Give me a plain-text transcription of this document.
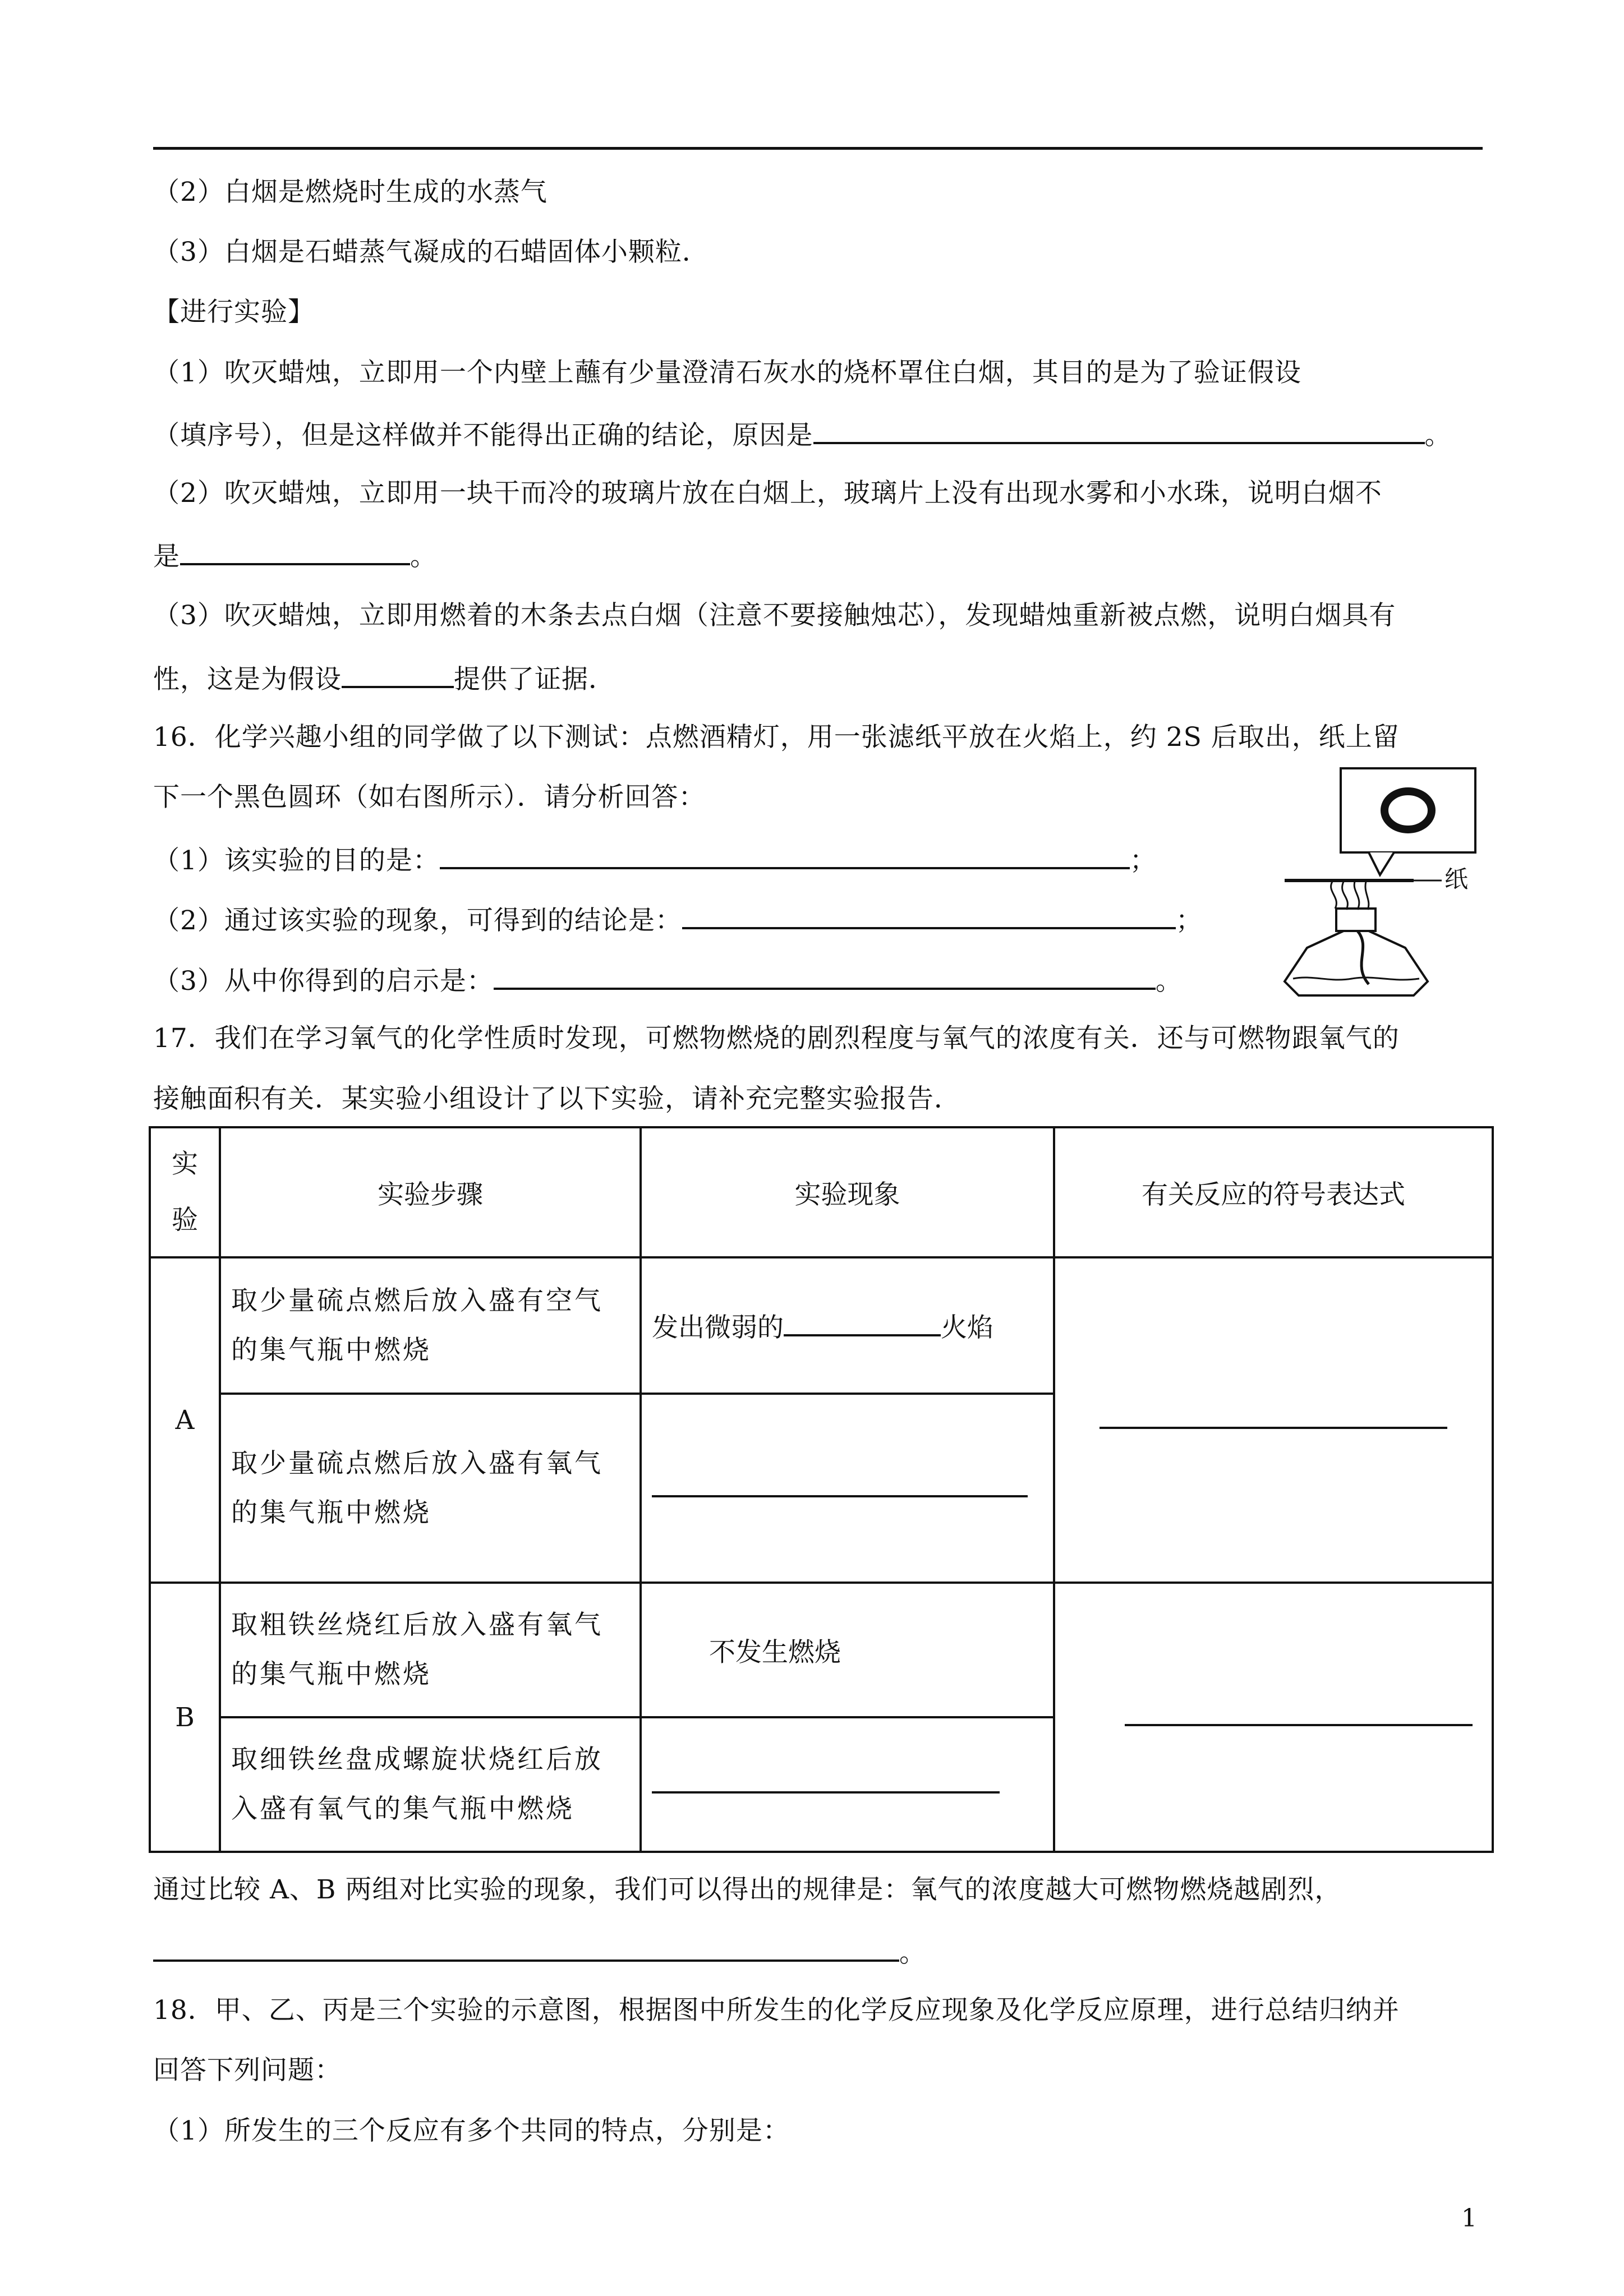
（2）白烟是燃烧时生成的水蒸气
（3）白烟是石蜡蒸气凝成的石蜡固体小颗粒．
【进行实验】
（1）吹灭蜡烛，立即用一个内壁上蘸有少量澄清石灰水的烧杯罩住白烟，其目的是为了验证假设
（填序号），但是这样做并不能得出正确的结论，原因是	。
（2）吹灭蜡烛，立即用一块干而冷的玻璃片放在白烟上，玻璃片上没有出现水雾和小水珠，说明白烟不
是	。
（3）吹灭蜡烛，立即用燃着的木条去点白烟（注意不要接触烛芯），发现蜡烛重新被点燃，说明白烟具有
性，这是为假设	提供了证据．
16．化学兴趣小组的同学做了以下测试：点燃酒精灯，用一张滤纸平放在火焰上，约 2S 后取出，纸上留
下一个黑色圆环（如右图所示）．请分析回答：
（1）该实验的目的是：	；
（2）通过该实验的现象，可得到的结论是：	；
（3）从中你得到的启示是：	。
17．我们在学习氧气的化学性质时发现，可燃物燃烧的剧烈程度与氧气的浓度有关．还与可燃物跟氧气的
接触面积有关．某实验小组设计了以下实验，请补充完整实验报告．
纸
实
验	实验步骤	实验现象	有关反应的符号表达式
A	取少量硫点燃后放入盛有空气
的集气瓶中燃烧	发出微弱的 火焰	
	取少量硫点燃后放入盛有氧气
的集气瓶中燃烧		
B	取粗铁丝烧红后放入盛有氧气
的集气瓶中燃烧	不发生燃烧	
	取细铁丝盘成螺旋状烧红后放
入盛有氧气的集气瓶中燃烧		
通过比较 A、B 两组对比实验的现象，我们可以得出的规律是：氧气的浓度越大可燃物燃烧越剧烈，
。
18．甲、乙、丙是三个实验的示意图，根据图中所发生的化学反应现象及化学反应原理，进行总结归纳并
回答下列问题：
（1）所发生的三个反应有多个共同的特点，分别是：
1
